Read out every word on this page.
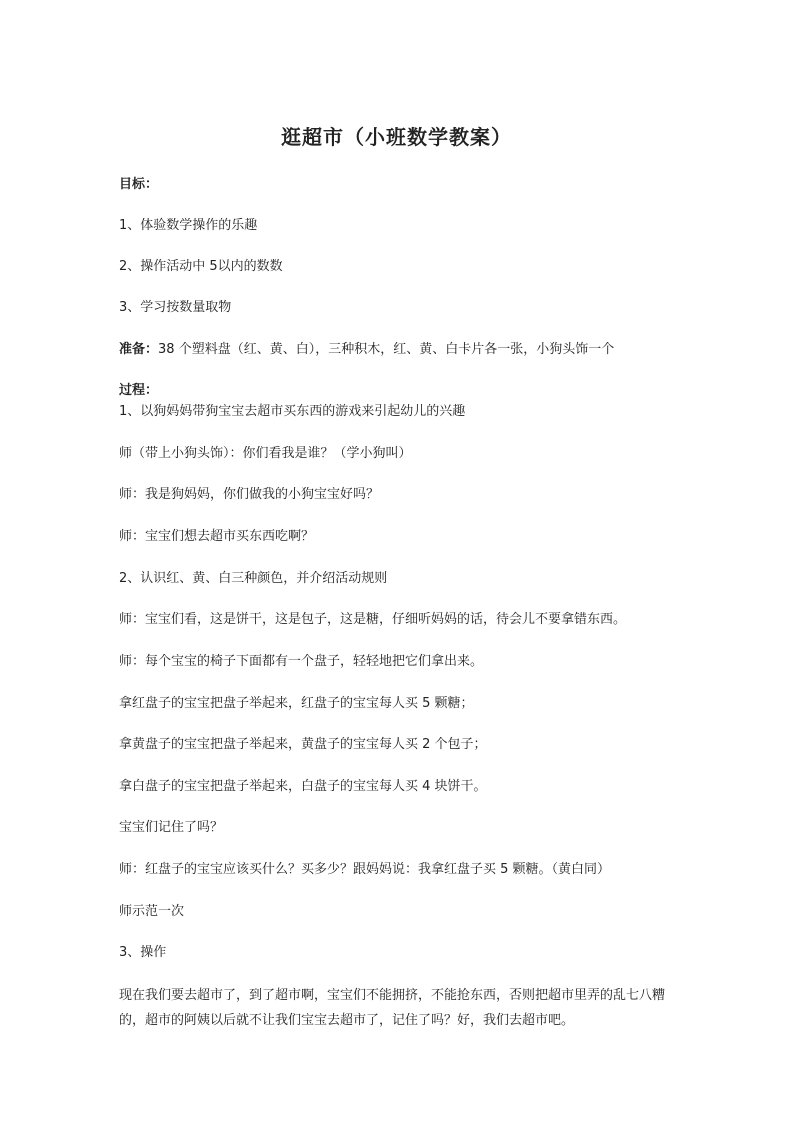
逛超市（小班数学教案）
目标：
1、体验数学操作的乐趣
2、操作活动中 5以内的数数
3、学习按数量取物
准备：38 个塑料盘（红、黄、白），三种积木，红、黄、白卡片各一张，小狗头饰一个
过程：
1、以狗妈妈带狗宝宝去超市买东西的游戏来引起幼儿的兴趣
师（带上小狗头饰）：你们看我是谁？（学小狗叫）
师：我是狗妈妈，你们做我的小狗宝宝好吗？
师：宝宝们想去超市买东西吃啊？
2、认识红、黄、白三种颜色，并介绍活动规则
师：宝宝们看，这是饼干，这是包子，这是糖，仔细听妈妈的话，待会儿不要拿错东西。
师：每个宝宝的椅子下面都有一个盘子，轻轻地把它们拿出来。
拿红盘子的宝宝把盘子举起来，红盘子的宝宝每人买 5 颗糖；
拿黄盘子的宝宝把盘子举起来，黄盘子的宝宝每人买 2 个包子；
拿白盘子的宝宝把盘子举起来，白盘子的宝宝每人买 4 块饼干。
宝宝们记住了吗？
师：红盘子的宝宝应该买什么？买多少？跟妈妈说：我拿红盘子买 5 颗糖。（黄白同）
师示范一次
3、操作
现在我们要去超市了，到了超市啊，宝宝们不能拥挤，不能抢东西，否则把超市里弄的乱七八糟的，超市的阿姨以后就不让我们宝宝去超市了，记住了吗？好，我们去超市吧。
